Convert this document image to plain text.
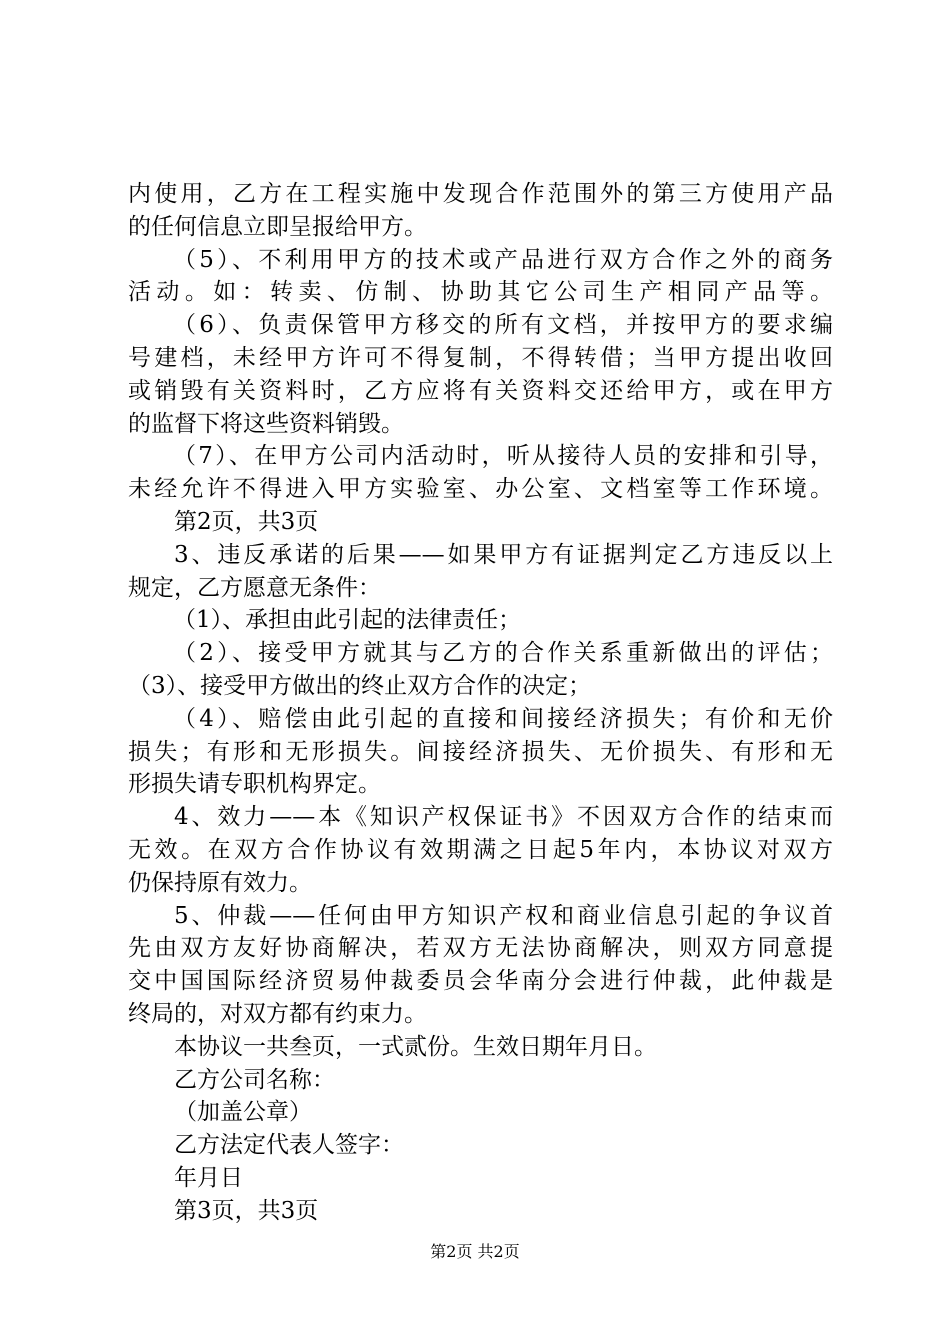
内使用，乙方在工程实施中发现合作范围外的第三方使用产品
的任何信息立即呈报给甲方。
（5）、不利用甲方的技术或产品进行双方合作之外的商务
活动。如：转卖、仿制、协助其它公司生产相同产品等。
（6）、负责保管甲方移交的所有文档，并按甲方的要求编
号建档，未经甲方许可不得复制，不得转借；当甲方提出收回
或销毁有关资料时，乙方应将有关资料交还给甲方，或在甲方
的监督下将这些资料销毁。
（7）、在甲方公司内活动时，听从接待人员的安排和引导，
未经允许不得进入甲方实验室、办公室、文档室等工作环境。
第2页，共3页
3、违反承诺的后果——如果甲方有证据判定乙方违反以上
规定，乙方愿意无条件：
（1）、承担由此引起的法律责任；
（2）、接受甲方就其与乙方的合作关系重新做出的评估；
（3）、接受甲方做出的终止双方合作的决定；
（4）、赔偿由此引起的直接和间接经济损失；有价和无价
损失；有形和无形损失。间接经济损失、无价损失、有形和无
形损失请专职机构界定。
4、效力——本《知识产权保证书》不因双方合作的结束而
无效。在双方合作协议有效期满之日起5年内，本协议对双方
仍保持原有效力。
5、仲裁——任何由甲方知识产权和商业信息引起的争议首
先由双方友好协商解决，若双方无法协商解决，则双方同意提
交中国国际经济贸易仲裁委员会华南分会进行仲裁，此仲裁是
终局的，对双方都有约束力。
本协议一共叁页，一式贰份。生效日期年月日。
乙方公司名称：
（加盖公章）
乙方法定代表人签字：
年月日
第3页，共3页
第2页 共2页
